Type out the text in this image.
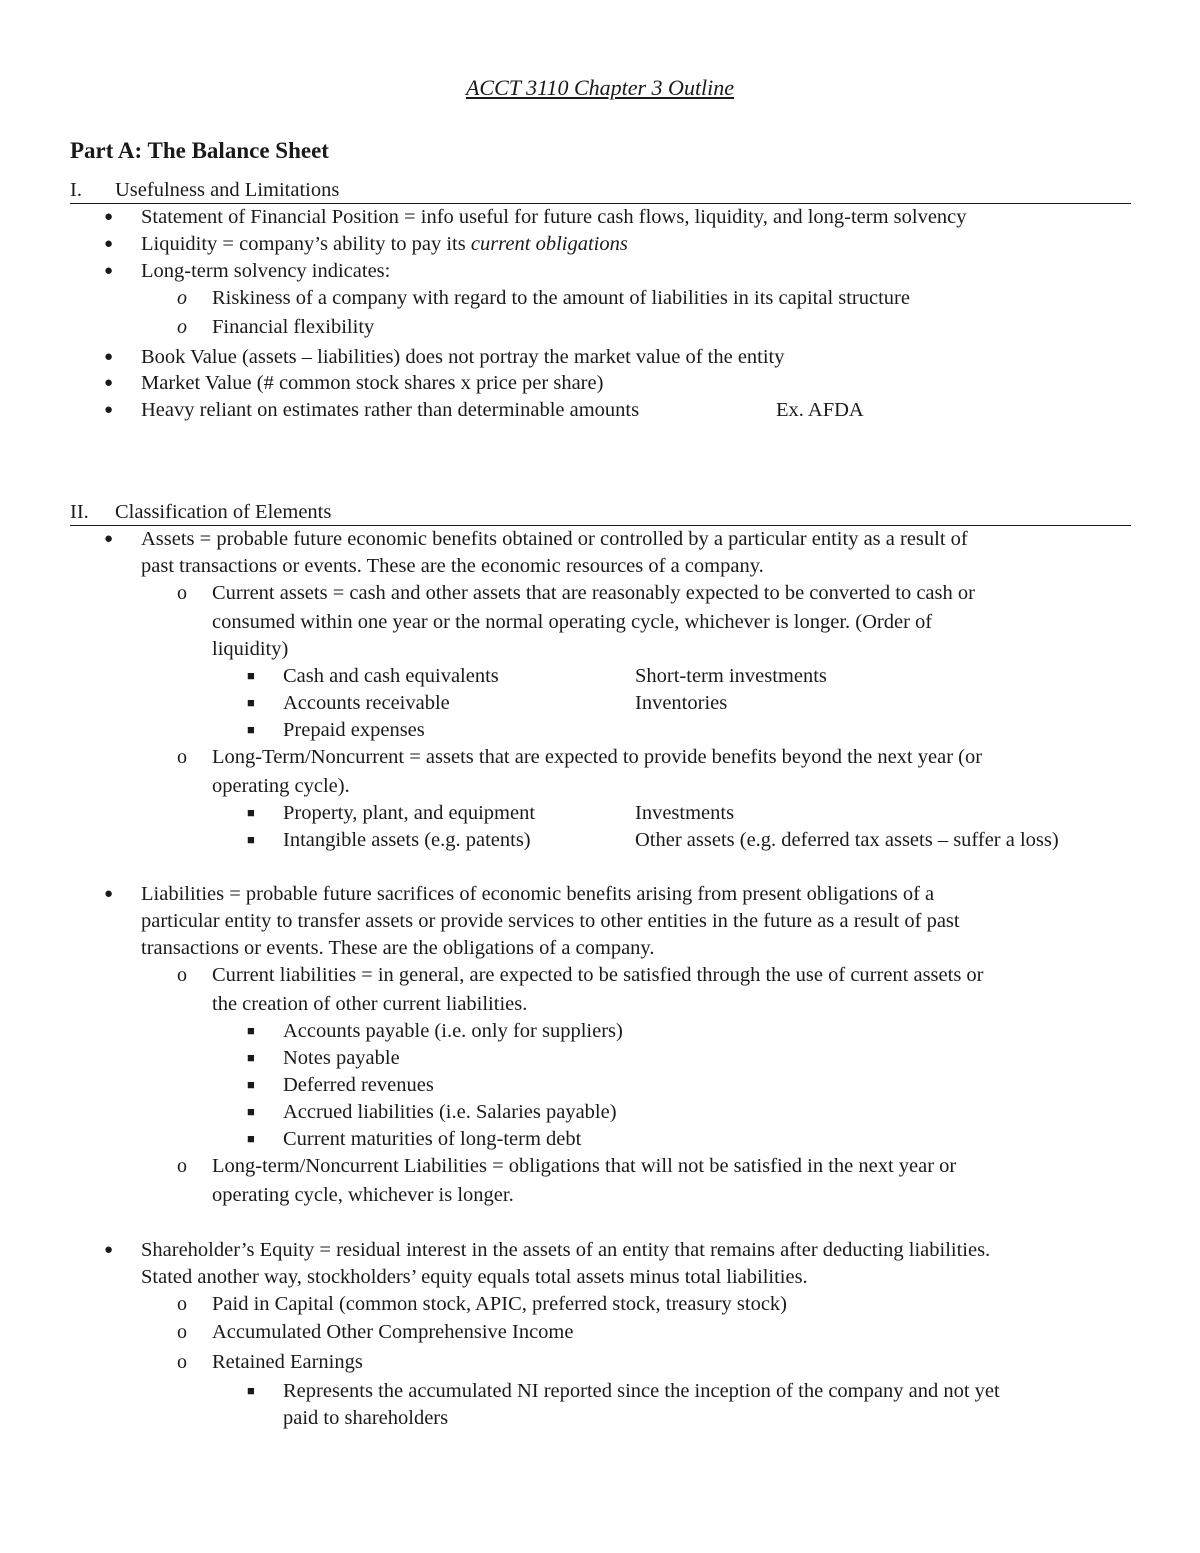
ACCT 3110 Chapter 3 Outline
Part A: The Balance Sheet
I. Usefulness and Limitations
● Statement of Financial Position = info useful for future cash flows, liquidity, and long-term solvency
● Liquidity = company’s ability to pay its current obligations
● Long-term solvency indicates:
o Riskiness of a company with regard to the amount of liabilities in its capital structure
o Financial flexibility
● Book Value (assets – liabilities) does not portray the market value of the entity
● Market Value (# common stock shares x price per share)
● Heavy reliant on estimates rather than determinable amounts	Ex. AFDA
II. Classification of Elements
● Assets = probable future economic benefits obtained or controlled by a particular entity as a result of
past transactions or events. These are the economic resources of a company.
o Current assets = cash and other assets that are reasonably expected to be converted to cash or
consumed within one year or the normal operating cycle, whichever is longer. (Order of
liquidity)
■ Cash and cash equivalents	Short-term investments
■ Accounts receivable	Inventories
■ Prepaid expenses
o Long-Term/Noncurrent = assets that are expected to provide benefits beyond the next year (or
operating cycle).
■ Property, plant, and equipment	Investments
■ Intangible assets (e.g. patents)	Other assets (e.g. deferred tax assets – suffer a loss)
● Liabilities = probable future sacrifices of economic benefits arising from present obligations of a
particular entity to transfer assets or provide services to other entities in the future as a result of past
transactions or events. These are the obligations of a company.
o Current liabilities = in general, are expected to be satisfied through the use of current assets or
the creation of other current liabilities.
■ Accounts payable (i.e. only for suppliers)
■ Notes payable
■ Deferred revenues
■ Accrued liabilities (i.e. Salaries payable)
■ Current maturities of long-term debt
o Long-term/Noncurrent Liabilities = obligations that will not be satisfied in the next year or
operating cycle, whichever is longer.
● Shareholder’s Equity = residual interest in the assets of an entity that remains after deducting liabilities.
Stated another way, stockholders’ equity equals total assets minus total liabilities.
o Paid in Capital (common stock, APIC, preferred stock, treasury stock)
o Accumulated Other Comprehensive Income
o Retained Earnings
■ Represents the accumulated NI reported since the inception of the company and not yet
paid to shareholders
